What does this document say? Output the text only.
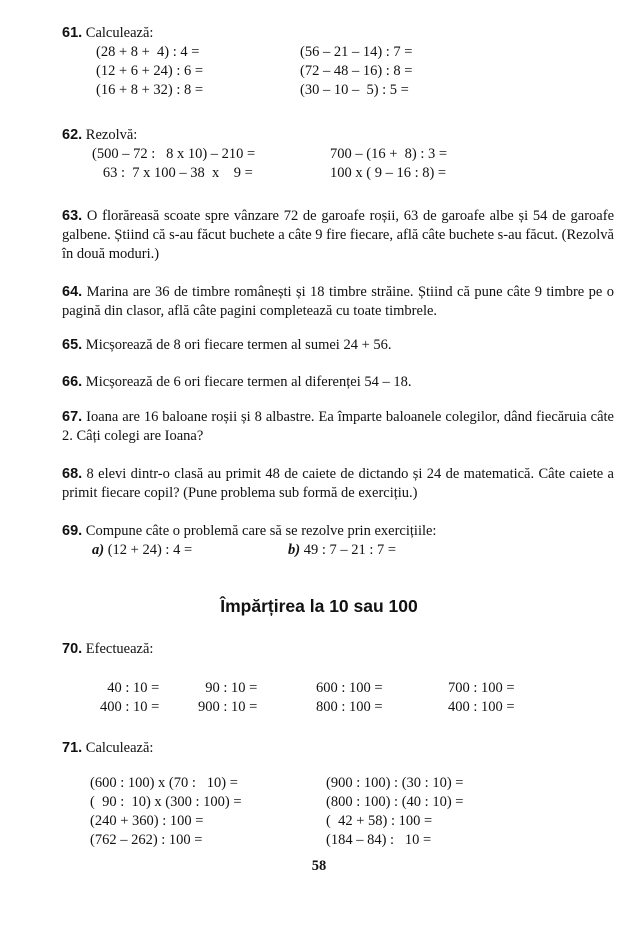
61. Calculează:
(28 + 8 +  4) : 4 =
(12 + 6 + 24) : 6 =
(16 + 8 + 32) : 8 =
(56 – 21 – 14) : 7 =
(72 – 48 – 16) : 8 =
(30 – 10 –  5) : 5 =
62. Rezolvă:
(500 – 72 :   8 x 10) – 210 =
63 :  7 x 100 – 38  x    9 =
700 – (16 +  8) : 3 =
100 x ( 9 – 16 : 8) =
63. O florăreasă scoate spre vânzare 72 de garoafe roșii, 63 de garoafe albe și 54 de garoafe galbene. Știind că s-au făcut buchete a câte 9 fire fiecare, află câte buchete s-au făcut. (Rezolvă în două moduri.)
64. Marina are 36 de timbre românești și 18 timbre străine. Știind că pune câte 9 timbre pe o pagină din clasor, află câte pagini completează cu toate timbrele.
65. Micșorează de 8 ori fiecare termen al sumei 24 + 56.
66. Micșorează de 6 ori fiecare termen al diferenței 54 – 18.
67. Ioana are 16 baloane roșii și 8 albastre. Ea împarte baloanele colegilor, dând fiecăruia câte 2. Câți colegi are Ioana?
68. 8 elevi dintr-o clasă au primit 48 de caiete de dictando și 24 de matematică. Câte caiete a primit fiecare copil? (Pune problema sub formă de exercițiu.)
69. Compune câte o problemă care să se rezolve prin exercițiile:
a) (12 + 24) : 4 =	b) 49 : 7 – 21 : 7 =
Împărțirea la 10 sau 100
70. Efectuează:
40 : 10 =
400 : 10 =
90 : 10 =
900 : 10 =
600 : 100 =
800 : 100 =
700 : 100 =
400 : 100 =
71. Calculează:
(600 : 100) x (70 :   10) =
(  90 :  10) x (300 : 100) =
(240 + 360) : 100 =
(762 – 262) : 100 =
(900 : 100) : (30 : 10) =
(800 : 100) : (40 : 10) =
(  42 + 58) : 100 =
(184 – 84) :   10 =
58
